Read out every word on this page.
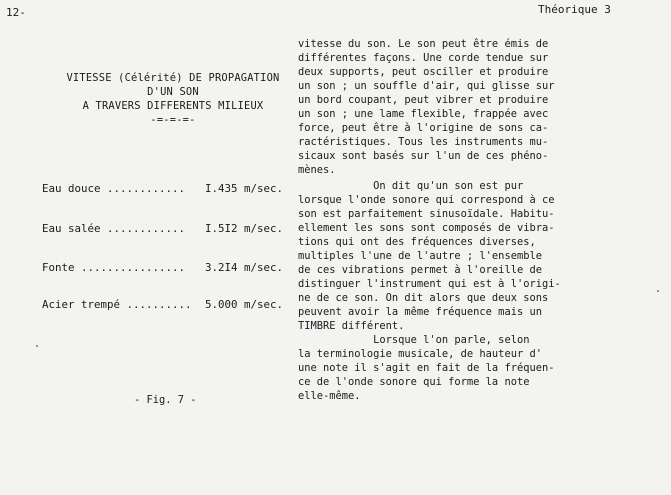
12-	Théorique 3
VITESSE (Célérité) DE PROPAGATION
D'UN SON
A TRAVERS DIFFERENTS MILIEUX
-=-=-=-
Eau douce ............ I.435 m/sec.
Eau salée ............ I.5I2 m/sec.
Fonte ................ 3.2I4 m/sec.
Acier trempé .......... 5.000 m/sec.
- Fig. 7 -
vitesse du son. Le son peut être émis de
différentes façons. Une corde tendue sur
deux supports, peut osciller et produire
un son ; un souffle d'air, qui glisse sur
un bord coupant, peut vibrer et produire
un son ; une lame flexible, frappée avec
force, peut être à l'origine de sons ca-
ractéristiques. Tous les instruments mu-
sicaux sont basés sur l'un de ces phéno-
mènes.
On dit qu'un son est pur
lorsque l'onde sonore qui correspond à ce
son est parfaitement sinusoïdale. Habitu-
ellement les sons sont composés de vibra-
tions qui ont des fréquences diverses,
multiples l'une de l'autre ; l'ensemble
de ces vibrations permet à l'oreille de
distinguer l'instrument qui est à l'origi-
ne de ce son. On dit alors que deux sons
peuvent avoir la même fréquence mais un
TIMBRE différent.
Lorsque l'on parle, selon
la terminologie musicale, de hauteur d'
une note il s'agit en fait de la fréquen-
ce de l'onde sonore qui forme la note
elle-même.
